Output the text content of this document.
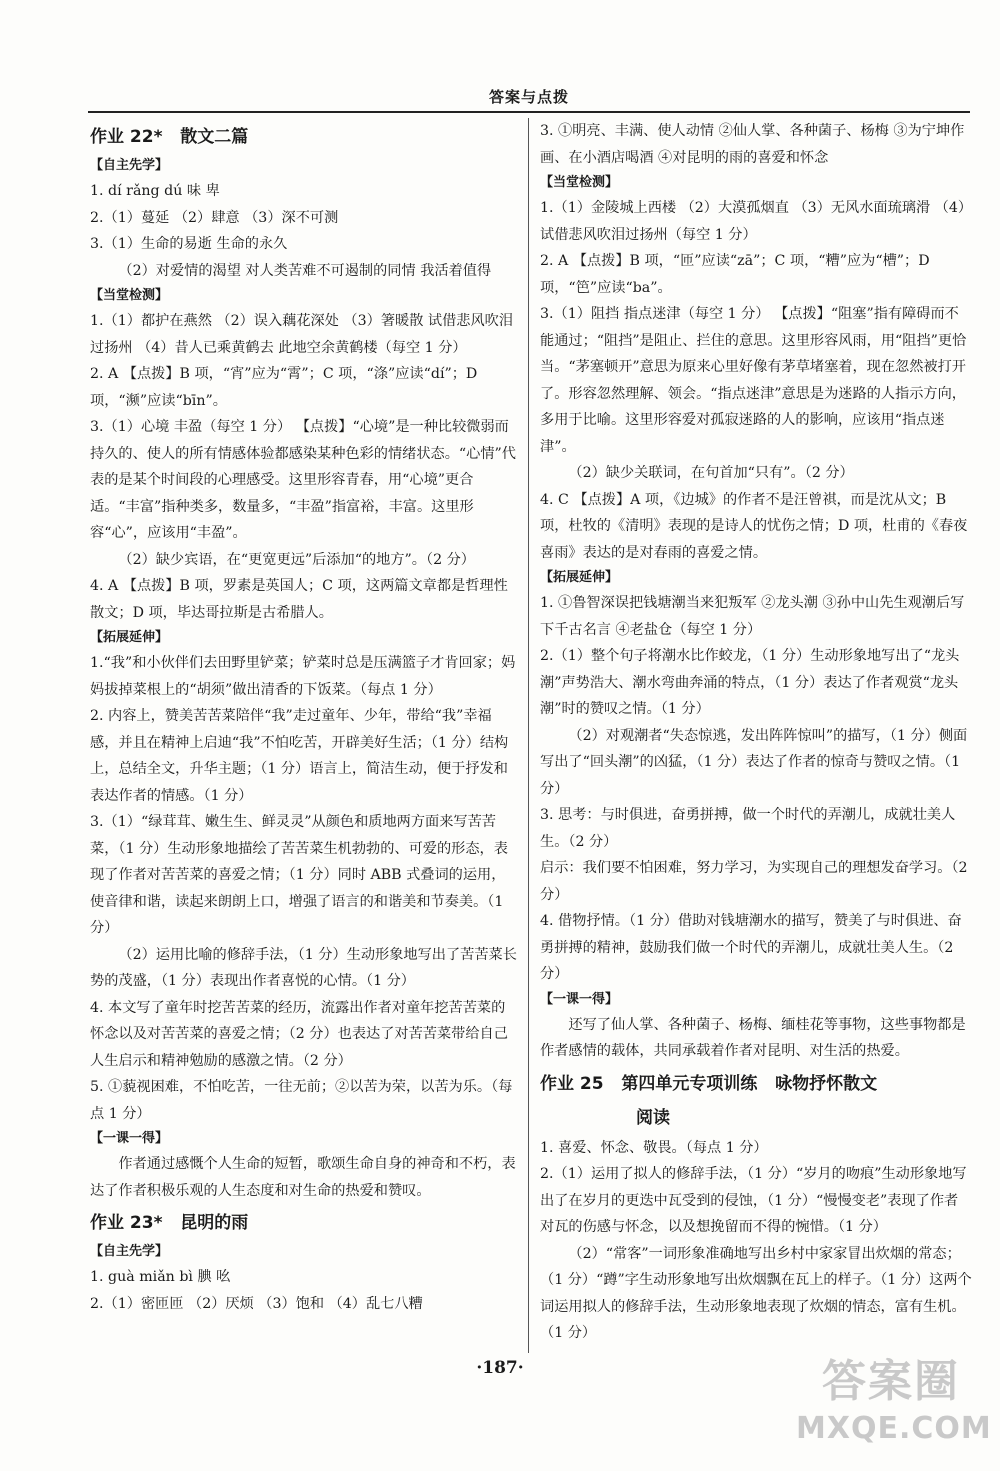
答案与点拨
作业 22*   散文二篇
【自主先学】
1. dí rǎng dú 味 卑
2.（1）蔓延 （2）肆意 （3）深不可测
3.（1）生命的易逝 生命的永久
（2）对爱情的渴望 对人类苦难不可遏制的同情 我活着值得
【当堂检测】
1.（1）都护在燕然 （2）误入藕花深处 （3）箸暖散 试借悲风吹泪过扬州 （4）昔人已乘黄鹤去 此地空余黄鹤楼（每空 1 分）
2. A 【点拨】B 项，“宵”应为“霄”；C 项，“涤”应读“dí”；D 项，“濒”应读“bīn”。
3.（1）心境 丰盈（每空 1 分） 【点拨】“心境”是一种比较微弱而持久的、使人的所有情感体验都感染某种色彩的情绪状态。“心情”代表的是某个时间段的心理感受。这里形容青春，用“心境”更合适。“丰富”指种类多，数量多，“丰盈”指富裕，丰富。这里形容“心”，应该用“丰盈”。
（2）缺少宾语，在“更宽更远”后添加“的地方”。（2 分）
4. A 【点拨】B 项，罗素是英国人；C 项，这两篇文章都是哲理性散文；D 项，毕达哥拉斯是古希腊人。
【拓展延伸】
1.“我”和小伙伴们去田野里铲菜；铲菜时总是压满篮子才肯回家；妈妈拔掉菜根上的“胡须”做出清香的下饭菜。（每点 1 分）
2. 内容上，赞美苦苦菜陪伴“我”走过童年、少年，带给“我”幸福感，并且在精神上启迪“我”不怕吃苦，开辟美好生活；（1 分）结构上，总结全文，升华主题；（1 分）语言上，简洁生动，便于抒发和表达作者的情感。（1 分）
3.（1）“绿茸茸、嫩生生、鲜灵灵”从颜色和质地两方面来写苦苦菜，（1 分）生动形象地描绘了苦苦菜生机勃勃的、可爱的形态，表现了作者对苦苦菜的喜爱之情；（1 分）同时 ABB 式叠词的运用，使音律和谐，读起来朗朗上口，增强了语言的和谐美和节奏美。（1 分）
（2）运用比喻的修辞手法，（1 分）生动形象地写出了苦苦菜长势的茂盛，（1 分）表现出作者喜悦的心情。（1 分）
4. 本文写了童年时挖苦苦菜的经历，流露出作者对童年挖苦苦菜的怀念以及对苦苦菜的喜爱之情；（2 分）也表达了对苦苦菜带给自己人生启示和精神勉励的感激之情。（2 分）
5. ①藐视困难，不怕吃苦，一往无前；②以苦为荣，以苦为乐。（每点 1 分）
【一课一得】
作者通过感慨个人生命的短暂，歌颂生命自身的神奇和不朽，表达了作者积极乐观的人生态度和对生命的热爱和赞叹。
作业 23*   昆明的雨
【自主先学】
1. guà miǎn bì 腆 吆
2.（1）密匝匝 （2）厌烦 （3）饱和 （4）乱七八糟
3. ①明亮、丰满、使人动情 ②仙人掌、各种菌子、杨梅 ③为宁坤作画、在小酒店喝酒 ④对昆明的雨的喜爱和怀念
【当堂检测】
1.（1）金陵城上西楼 （2）大漠孤烟直 （3）无风水面琉璃滑 （4）试借悲风吹泪过扬州（每空 1 分）
2. A 【点拨】B 项，“匝”应读“zā”；C 项，“糟”应为“槽”；D 项，“笆”应读“ba”。
3.（1）阻挡 指点迷津（每空 1 分） 【点拨】“阻塞”指有障碍而不能通过；“阻挡”是阻止、拦住的意思。这里形容风雨，用“阻挡”更恰当。“茅塞顿开”意思为原来心里好像有茅草堵塞着，现在忽然被打开了。形容忽然理解、领会。“指点迷津”意思是为迷路的人指示方向，多用于比喻。这里形容爱对孤寂迷路的人的影响，应该用“指点迷津”。
（2）缺少关联词，在句首加“只有”。（2 分）
4. C 【点拨】A 项，《边城》的作者不是汪曾祺，而是沈从文；B 项，杜牧的《清明》表现的是诗人的忧伤之情；D 项，杜甫的《春夜喜雨》表达的是对春雨的喜爱之情。
【拓展延伸】
1. ①鲁智深误把钱塘潮当来犯叛军 ②龙头潮 ③孙中山先生观潮后写下千古名言 ④老盐仓（每空 1 分）
2.（1）整个句子将潮水比作蛟龙，（1 分）生动形象地写出了“龙头潮”声势浩大、潮水弯曲奔涌的特点，（1 分）表达了作者观赏“龙头潮”时的赞叹之情。（1 分）
（2）对观潮者“失态惊逃，发出阵阵惊叫”的描写，（1 分）侧面写出了“回头潮”的凶猛，（1 分）表达了作者的惊奇与赞叹之情。（1 分）
3. 思考：与时俱进，奋勇拼搏，做一个时代的弄潮儿，成就壮美人生。（2 分）
启示：我们要不怕困难，努力学习，为实现自己的理想发奋学习。（2 分）
4. 借物抒情。（1 分）借助对钱塘潮水的描写，赞美了与时俱进、奋勇拼搏的精神，鼓励我们做一个时代的弄潮儿，成就壮美人生。（2 分）
【一课一得】
还写了仙人掌、各种菌子、杨梅、缅桂花等事物，这些事物都是作者感情的载体，共同承载着作者对昆明、对生活的热爱。
作业 25   第四单元专项训练   咏物抒怀散文
阅读
1. 喜爱、怀念、敬畏。（每点 1 分）
2.（1）运用了拟人的修辞手法，（1 分）“岁月的吻痕”生动形象地写出了在岁月的更迭中瓦受到的侵蚀，（1 分）“慢慢变老”表现了作者对瓦的伤感与怀念，以及想挽留而不得的惋惜。（1 分）
（2）“常客”一词形象准确地写出乡村中家家冒出炊烟的常态；（1 分）“蹲”字生动形象地写出炊烟飘在瓦上的样子。（1 分）这两个词运用拟人的修辞手法，生动形象地表现了炊烟的情态，富有生机。（1 分）
·187·	答案圈
MXQE.COM
